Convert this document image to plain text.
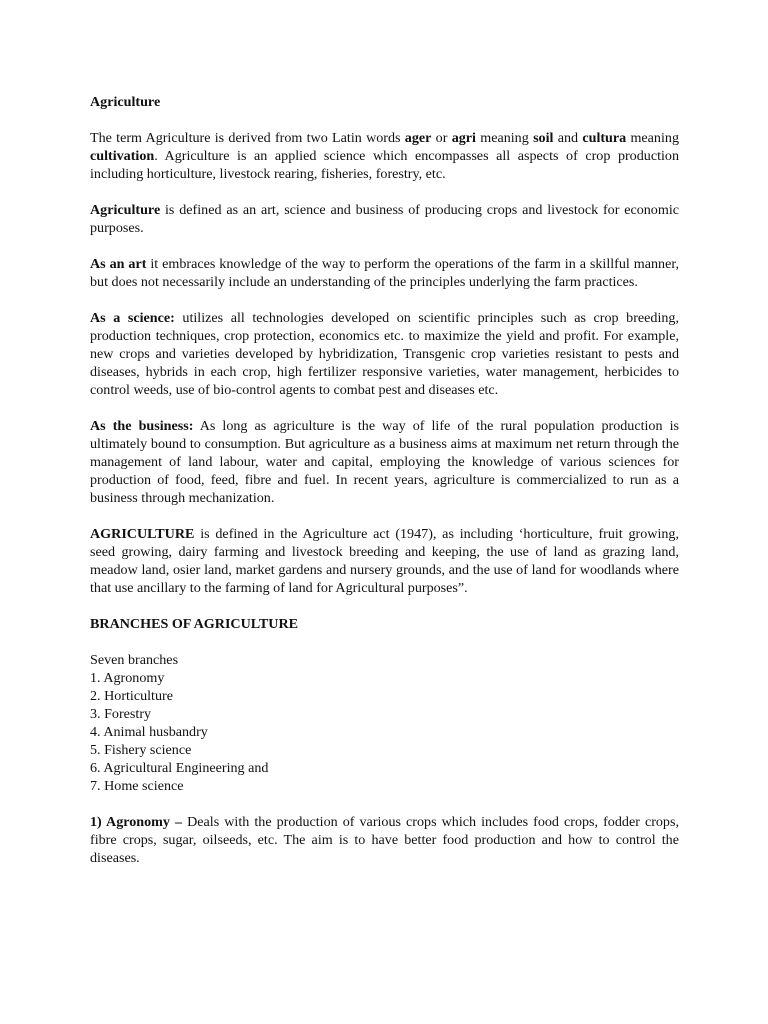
Agriculture

The term Agriculture is derived from two Latin words ager or agri meaning soil and cultura meaning cultivation. Agriculture is an applied science which encompasses all aspects of crop production including horticulture, livestock rearing, fisheries, forestry, etc.

Agriculture is defined as an art, science and business of producing crops and livestock for economic purposes.

As an art it embraces knowledge of the way to perform the operations of the farm in a skillful manner, but does not necessarily include an understanding of the principles underlying the farm practices.

As a science: utilizes all technologies developed on scientific principles such as crop breeding, production techniques, crop protection, economics etc. to maximize the yield and profit. For example, new crops and varieties developed by hybridization, Transgenic crop varieties resistant to pests and diseases, hybrids in each crop, high fertilizer responsive varieties, water management, herbicides to control weeds, use of bio-control agents to combat pest and diseases etc.

As the business: As long as agriculture is the way of life of the rural population production is ultimately bound to consumption. But agriculture as a business aims at maximum net return through the management of land labour, water and capital, employing the knowledge of various sciences for production of food, feed, fibre and fuel. In recent years, agriculture is commercialized to run as a business through mechanization.

AGRICULTURE is defined in the Agriculture act (1947), as including ‘horticulture, fruit growing, seed growing, dairy farming and livestock breeding and keeping, the use of land as grazing land, meadow land, osier land, market gardens and nursery grounds, and the use of land for woodlands where that use ancillary to the farming of land for Agricultural purposes”.

BRANCHES OF AGRICULTURE

Seven branches

1. Agronomy
2. Horticulture
3. Forestry
4. Animal husbandry
5. Fishery science
6. Agricultural Engineering and
7. Home science

1) Agronomy – Deals with the production of various crops which includes food crops, fodder crops, fibre crops, sugar, oilseeds, etc. The aim is to have better food production and how to control the diseases.
